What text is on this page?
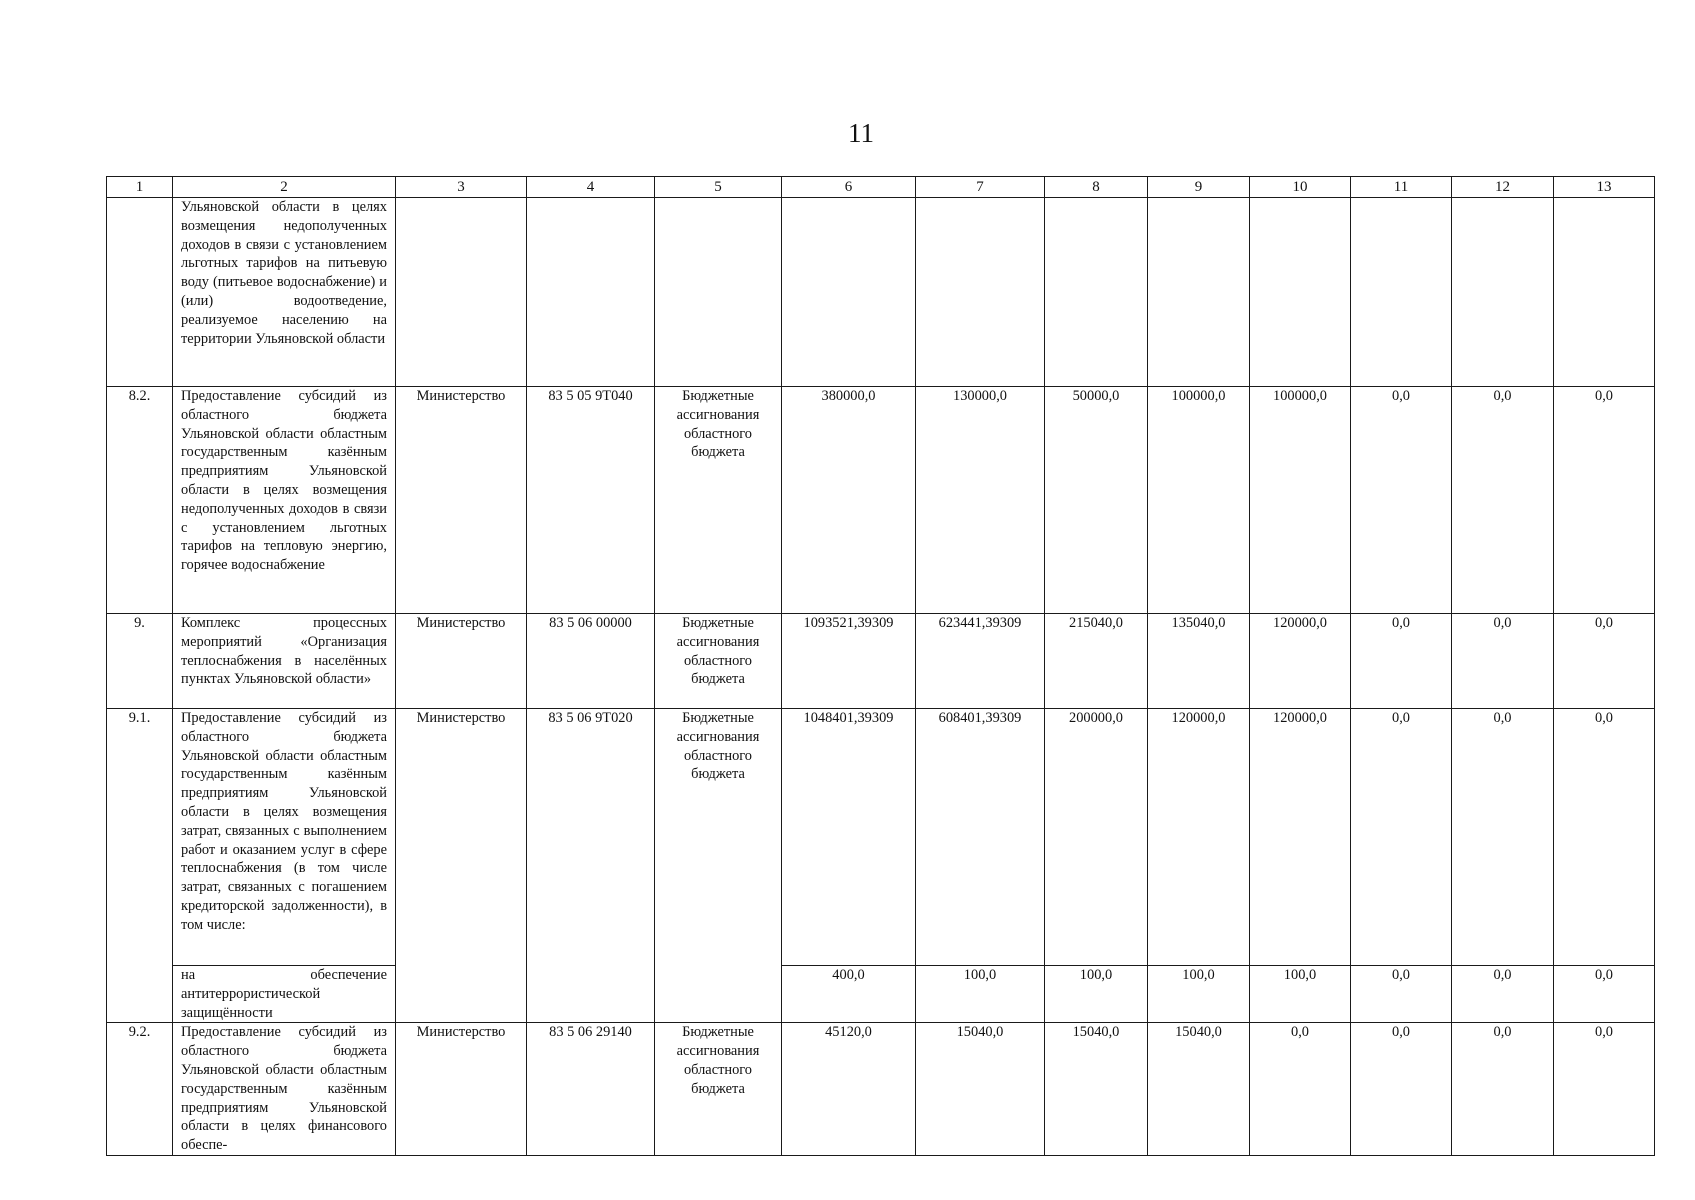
11
1	2	3	4	5	6	7	8	9	10	11	12	13
	Ульяновской области в целях возмещения недополученных доходов в связи с установлением льготных тарифов на питьевую воду (питьевое водоснабжение) и (или) водоотведение, реализуемое населению на территории Ульяновской области											
8.2.	Предоставление субсидий из областного бюджета Ульяновской области областным государственным казённым предприятиям Ульяновской области в целях возмещения недополученных доходов в связи с установлением льготных тарифов на тепловую энергию, горячее водоснабжение	Министерство	83 5 05 9Т040	Бюджетные ассигнования областного бюджета	380000,0	130000,0	50000,0	100000,0	100000,0	0,0	0,0	0,0
9.	Комплекс процессных мероприятий «Организация теплоснабжения в населённых пунктах Ульяновской области»	Министерство	83 5 06 00000	Бюджетные ассигнования областного бюджета	1093521,39309	623441,39309	215040,0	135040,0	120000,0	0,0	0,0	0,0
9.1.	Предоставление субсидий из областного бюджета Ульяновской области областным государственным казённым предприятиям Ульяновской области в целях возмещения затрат, связанных с выполнением работ и оказанием услуг в сфере теплоснабжения (в том числе затрат, связанных с погашением кредиторской задолженности), в том числе:	Министерство	83 5 06 9Т020	Бюджетные ассигнования областного бюджета	1048401,39309	608401,39309	200000,0	120000,0	120000,0	0,0	0,0	0,0
	на обеспечение антитеррористической защищённости				400,0	100,0	100,0	100,0	100,0	0,0	0,0	0,0
9.2.	Предоставление субсидий из областного бюджета Ульяновской области областным государственным казённым предприятиям Ульяновской области в целях финансового обеспе-	Министерство	83 5 06 29140	Бюджетные ассигнования областного бюджета	45120,0	15040,0	15040,0	15040,0	0,0	0,0	0,0	0,0
